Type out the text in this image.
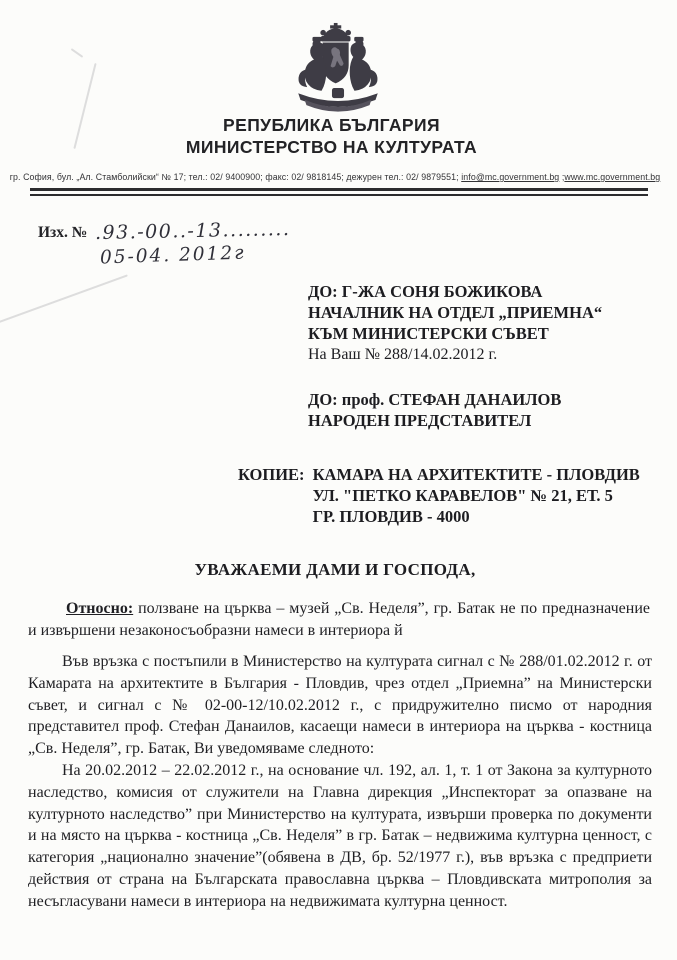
РЕПУБЛИКА БЪЛГАРИЯ
МИНИСТЕРСТВО НА КУЛТУРАТА
гр. София, бул. „Ал. Стамболийски“ № 17; тел.: 02/ 9400900; факс: 02/ 9818145; дежурен тел.: 02/ 9879551; info@mc.government.bg ;www.mc.government.bg
Изх. № .93.-00..-13.........
05-04. 2012г
ДО: Г-ЖА СОНЯ БОЖИКОВА
НАЧАЛНИК НА ОТДЕЛ „ПРИЕМНА“
КЪМ МИНИСТЕРСКИ СЪВЕТ
На Ваш № 288/14.02.2012 г.
ДО: проф. СТЕФАН ДАНАИЛОВ
НАРОДЕН ПРЕДСТАВИТЕЛ
КОПИЕ: КАМАРА НА АРХИТЕКТИТЕ - ПЛОВДИВ
УЛ. "ПЕТКО КАРАВЕЛОВ" № 21, ЕТ. 5
ГР. ПЛОВДИВ - 4000
УВАЖАЕМИ ДАМИ И ГОСПОДА,

Относно: ползване на църква – музей „Св. Неделя”, гр. Батак не по предназначение и извършени незаконосъобразни намеси в интериора й

Във връзка с постъпили в Министерство на културата сигнал с № 288/01.02.2012 г. от Камарата на архитектите в България - Пловдив, чрез отдел „Приемна” на Министерски съвет, и сигнал с № 02-00-12/10.02.2012 г., с придружително писмо от народния представител проф. Стефан Данаилов, касаещи намеси в интериора на църква - костница „Св. Неделя”, гр. Батак, Ви уведомяваме следното:

На 20.02.2012 – 22.02.2012 г., на основание чл. 192, ал. 1, т. 1 от Закона за културното наследство, комисия от служители на Главна дирекция „Инспекторат за опазване на културното наследство” при Министерство на културата, извърши проверка по документи и на място на църква - костница „Св. Неделя” в гр. Батак – недвижима културна ценност, с категория „национално значение”(обявена в ДВ, бр. 52/1977 г.), във връзка с предприети действия от страна на Българската православна църква – Пловдивската митрополия за несъгласувани намеси в интериора на недвижимата културна ценност.
